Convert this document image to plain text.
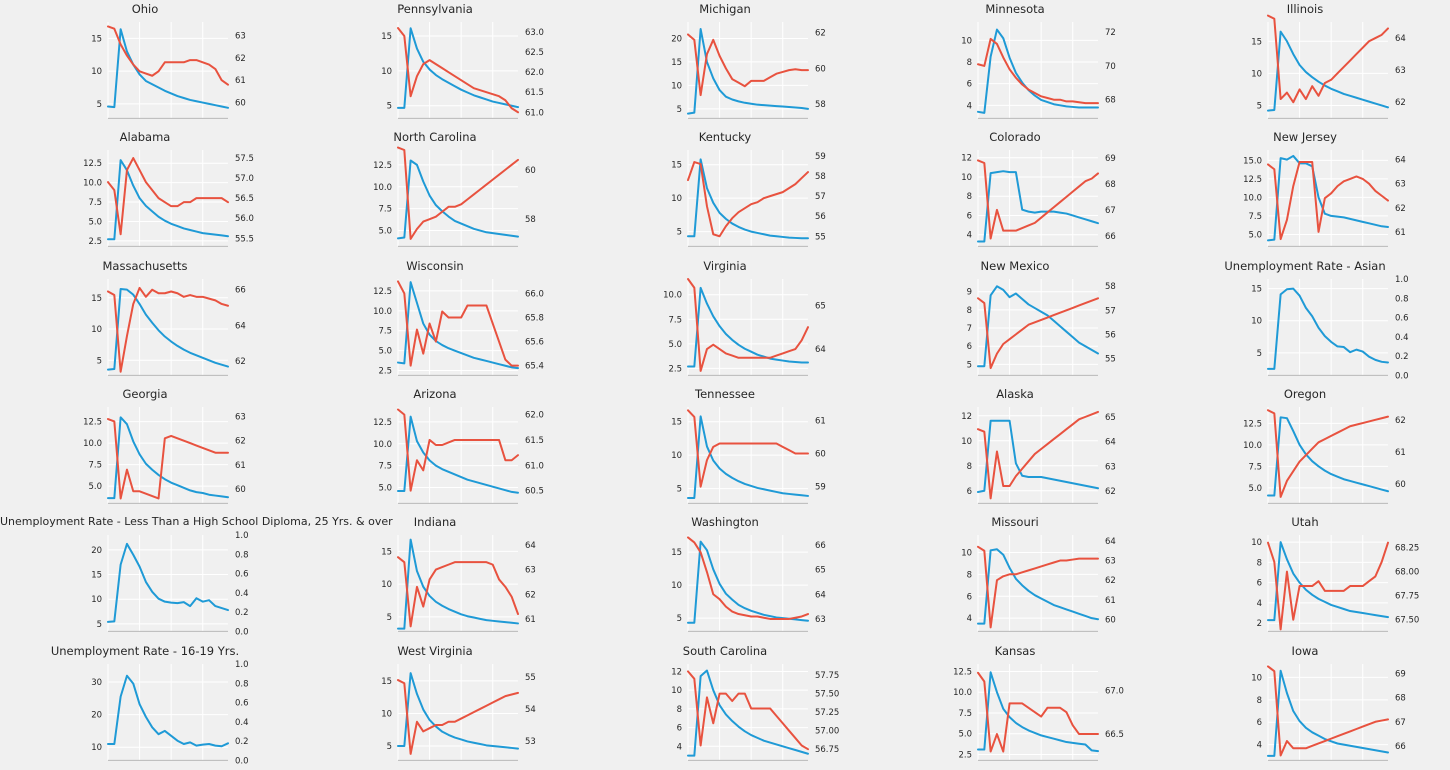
Ohio
5
10
15
60
61
62
63
Pennsylvania
5
10
15
61.0
61.5
62.0
62.5
63.0
Michigan
5
10
15
20
58
60
62
Minnesota
4
6
8
10
68
70
72
Illinois
5
10
15
62
63
64
Alabama
2.5
5.0
7.5
10.0
12.5
55.5
56.0
56.5
57.0
57.5
North Carolina
5.0
7.5
10.0
12.5
58
60
Kentucky
5
10
15
55
56
57
58
59
Colorado
4
6
8
10
12
66
67
68
69
New Jersey
5.0
7.5
10.0
12.5
15.0
61
62
63
64
Massachusetts
5
10
15
62
64
66
Wisconsin
2.5
5.0
7.5
10.0
12.5
65.4
65.6
65.8
66.0
Virginia
2.5
5.0
7.5
10.0
64
65
New Mexico
5
6
7
8
9
55
56
57
58
Unemployment Rate - Asian
5
10
15
0.0
0.2
0.4
0.6
0.8
1.0
Georgia
5.0
7.5
10.0
12.5
60
61
62
63
Arizona
5.0
7.5
10.0
12.5
60.5
61.0
61.5
62.0
Tennessee
5
10
15
59
60
61
Alaska
6
8
10
12
62
63
64
65
Oregon
5.0
7.5
10.0
12.5
60
61
62
Unemployment Rate - Less Than a High School Diploma, 25 Yrs. & over
5
10
15
20
0.0
0.2
0.4
0.6
0.8
1.0
Indiana
5
10
15
61
62
63
64
Washington
5
10
15
63
64
65
66
Missouri
4
6
8
10
60
61
62
63
64
Utah
2
4
6
8
10
67.50
67.75
68.00
68.25
Unemployment Rate - 16-19 Yrs.
10
20
30
0.0
0.2
0.4
0.6
0.8
1.0
West Virginia
5
10
15
53
54
55
South Carolina
4
6
8
10
12
56.75
57.00
57.25
57.50
57.75
Kansas
2.5
5.0
7.5
10.0
12.5
66.5
67.0
Iowa
4
6
8
10
66
67
68
69
